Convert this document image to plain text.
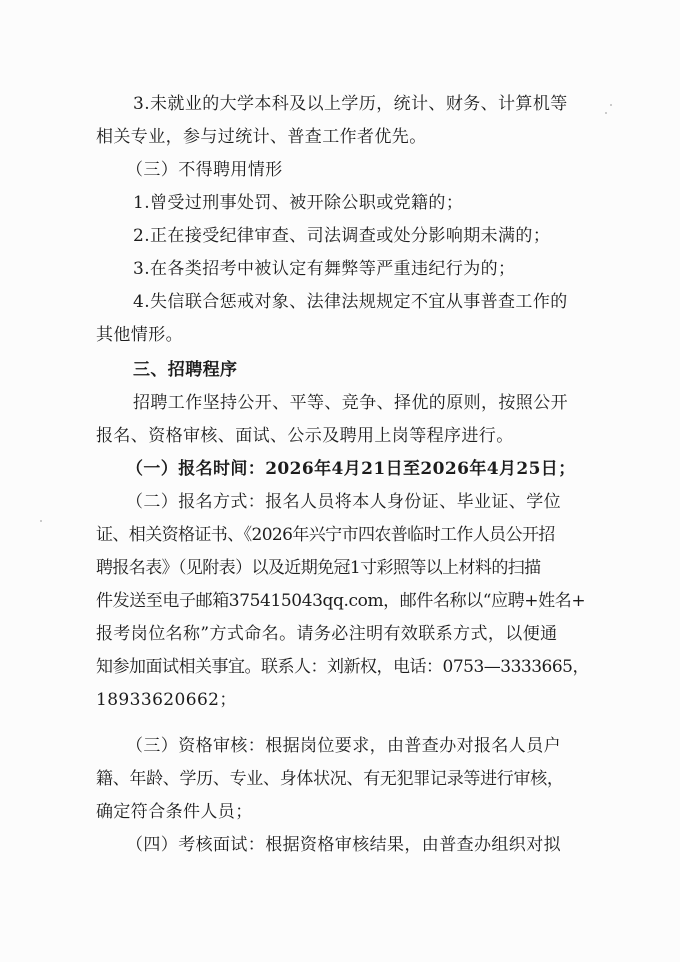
3.未就业的大学本科及以上学历，统计、财务、计算机等
相关专业，参与过统计、普查工作者优先。
（三）不得聘用情形
1.曾受过刑事处罚、被开除公职或党籍的；
2.正在接受纪律审查、司法调查或处分影响期未满的；
3.在各类招考中被认定有舞弊等严重违纪行为的；
4.失信联合惩戒对象、法律法规规定不宜从事普查工作的
其他情形。
三、招聘程序
招聘工作坚持公开、平等、竞争、择优的原则，按照公开
报名、资格审核、面试、公示及聘用上岗等程序进行。
（一）报名时间：2026年4月21日至2026年4月25日；
（二）报名方式：报名人员将本人身份证、毕业证、学位
证、相关资格证书、《2026年兴宁市四农普临时工作人员公开招
聘报名表》（见附表）以及近期免冠1寸彩照等以上材料的扫描
件发送至电子邮箱375415043qq.com，邮件名称以“应聘+姓名+
报考岗位名称”方式命名。请务必注明有效联系方式，以便通
知参加面试相关事宜。联系人：刘新权，电话：0753—3333665，
18933620662；
（三）资格审核：根据岗位要求，由普查办对报名人员户
籍、年龄、学历、专业、身体状况、有无犯罪记录等进行审核，
确定符合条件人员；
（四）考核面试：根据资格审核结果，由普查办组织对拟
